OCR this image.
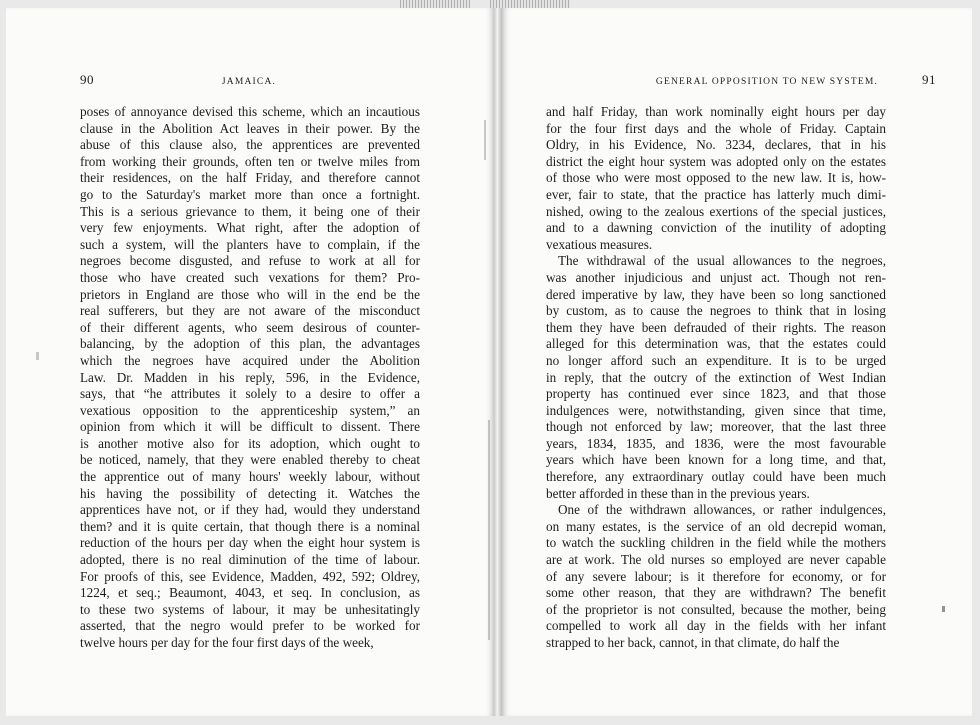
90	JAMAICA.
poses of annoyance devised this scheme, which an incautious
clause in the Abolition Act leaves in their power. By the
abuse of this clause also, the apprentices are prevented
from working their grounds, often ten or twelve miles from
their residences, on the half Friday, and therefore cannot
go to the Saturday's market more than once a fortnight.
This is a serious grievance to them, it being one of their
very few enjoyments. What right, after the adoption of
such a system, will the planters have to complain, if the
negroes become disgusted, and refuse to work at all for
those who have created such vexations for them? Pro-
prietors in England are those who will in the end be the
real sufferers, but they are not aware of the misconduct
of their different agents, who seem desirous of counter-
balancing, by the adoption of this plan, the advantages
which the negroes have acquired under the Abolition
Law. Dr. Madden in his reply, 596, in the Evidence,
says, that “he attributes it solely to a desire to offer a
vexatious opposition to the apprenticeship system,” an
opinion from which it will be difficult to dissent. There
is another motive also for its adoption, which ought to
be noticed, namely, that they were enabled thereby to cheat
the apprentice out of many hours' weekly labour, without
his having the possibility of detecting it. Watches the
apprentices have not, or if they had, would they understand
them? and it is quite certain, that though there is a nominal
reduction of the hours per day when the eight hour system is
adopted, there is no real diminution of the time of labour.
For proofs of this, see Evidence, Madden, 492, 592; Oldrey,
1224, et seq.; Beaumont, 4043, et seq. In conclusion, as
to these two systems of labour, it may be unhesitatingly
asserted, that the negro would prefer to be worked for
twelve hours per day for the four first days of the week,
GENERAL OPPOSITION TO NEW SYSTEM.	91
and half Friday, than work nominally eight hours per day
for the four first days and the whole of Friday. Captain
Oldry, in his Evidence, No. 3234, declares, that in his
district the eight hour system was adopted only on the estates
of those who were most opposed to the new law. It is, how-
ever, fair to state, that the practice has latterly much dimi-
nished, owing to the zealous exertions of the special justices,
and to a dawning conviction of the inutility of adopting
vexatious measures.
The withdrawal of the usual allowances to the negroes,
was another injudicious and unjust act. Though not ren-
dered imperative by law, they have been so long sanctioned
by custom, as to cause the negroes to think that in losing
them they have been defrauded of their rights. The reason
alleged for this determination was, that the estates could
no longer afford such an expenditure. It is to be urged
in reply, that the outcry of the extinction of West Indian
property has continued ever since 1823, and that those
indulgences were, notwithstanding, given since that time,
though not enforced by law; moreover, that the last three
years, 1834, 1835, and 1836, were the most favourable
years which have been known for a long time, and that,
therefore, any extraordinary outlay could have been much
better afforded in these than in the previous years.
One of the withdrawn allowances, or rather indulgences,
on many estates, is the service of an old decrepid woman,
to watch the suckling children in the field while the mothers
are at work. The old nurses so employed are never capable
of any severe labour; is it therefore for economy, or for
some other reason, that they are withdrawn? The benefit
of the proprietor is not consulted, because the mother, being
compelled to work all day in the fields with her infant
strapped to her back, cannot, in that climate, do half the
